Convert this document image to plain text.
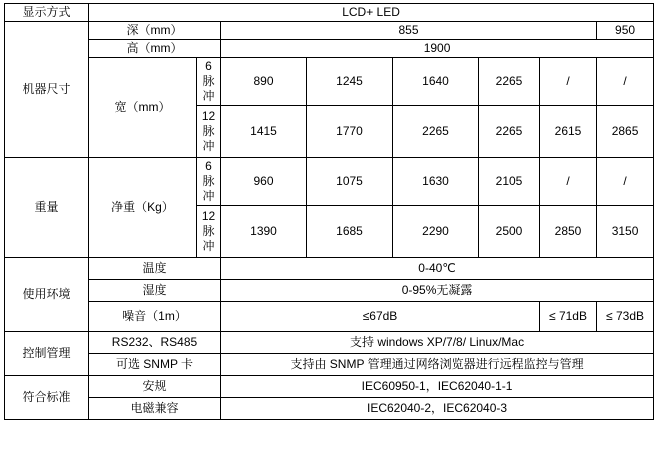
显示方式	LCD+ LED							
机器尺寸	深（mm）		855					950
	高（mm）		1900					
	宽（mm）	6
脉
冲	890	1245	1640	2265	/	/

		12
脉
冲	1415	1770	2265	2265	2615	2865
重量	净重（Kg）	6
脉
冲	960	1075	1630	2105	/	/

		12
脉
冲	1390	1685	2290	2500	2850	3150
使用环境	温度		0-40℃					
	湿度		0-95%无凝露					
	噪音（1m）		≤67dB				≤ 71dB	≤ 73dB
控制管理	RS232、RS485		支持 windows XP/7/8/ Linux/Mac					
	可选 SNMP 卡		支持由 SNMP 管理通过网络浏览器进行远程监控与管理					
符合标准	安规		IEC60950-1，IEC62040-1-1					
	电磁兼容		IEC62040-2，IEC62040-3					
